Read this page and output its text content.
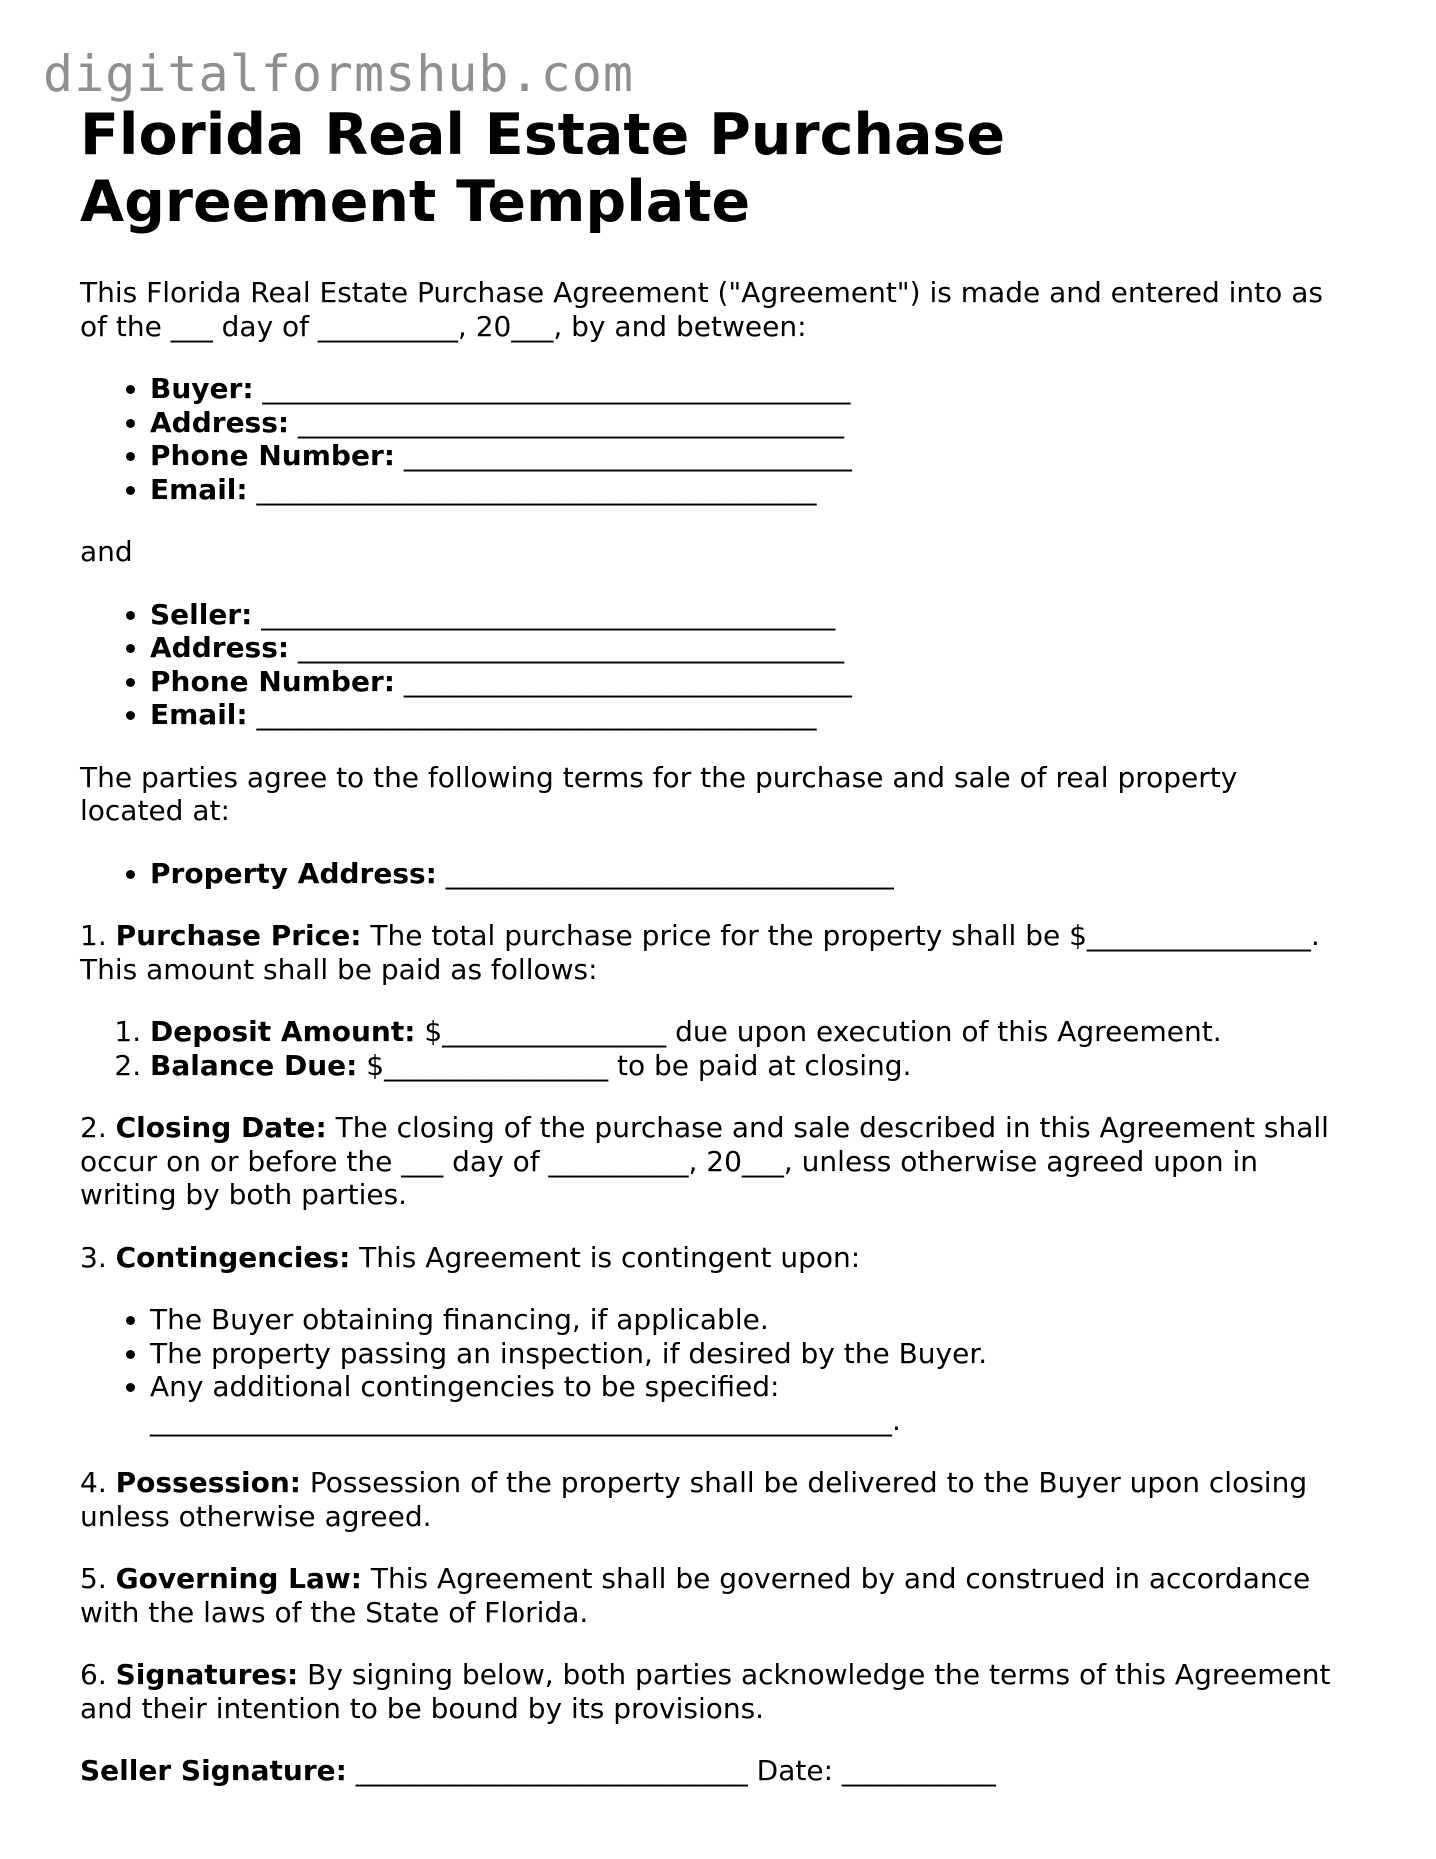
digitalformshub.com
Florida Real Estate Purchase
Agreement Template

This Florida Real Estate Purchase Agreement ("Agreement") is made and entered into as
of the ___ day of __________, 20___, by and between:

• Buyer: __________________________________________
• Address: _______________________________________
• Phone Number: ________________________________
• Email: ________________________________________

and

• Seller: _________________________________________
• Address: _______________________________________
• Phone Number: ________________________________
• Email: ________________________________________

The parties agree to the following terms for the purchase and sale of real property
located at:

• Property Address: ________________________________

1. Purchase Price: The total purchase price for the property shall be $________________.
This amount shall be paid as follows:

1. Deposit Amount: $________________ due upon execution of this Agreement.
2. Balance Due: $________________ to be paid at closing.

2. Closing Date: The closing of the purchase and sale described in this Agreement shall
occur on or before the ___ day of __________, 20___, unless otherwise agreed upon in
writing by both parties.

3. Contingencies: This Agreement is contingent upon:

• The Buyer obtaining financing, if applicable.
• The property passing an inspection, if desired by the Buyer.
• Any additional contingencies to be specified:
_____________________________________________________.

4. Possession: Possession of the property shall be delivered to the Buyer upon closing
unless otherwise agreed.

5. Governing Law: This Agreement shall be governed by and construed in accordance
with the laws of the State of Florida.

6. Signatures: By signing below, both parties acknowledge the terms of this Agreement
and their intention to be bound by its provisions.

Seller Signature: ____________________________ Date: ___________
